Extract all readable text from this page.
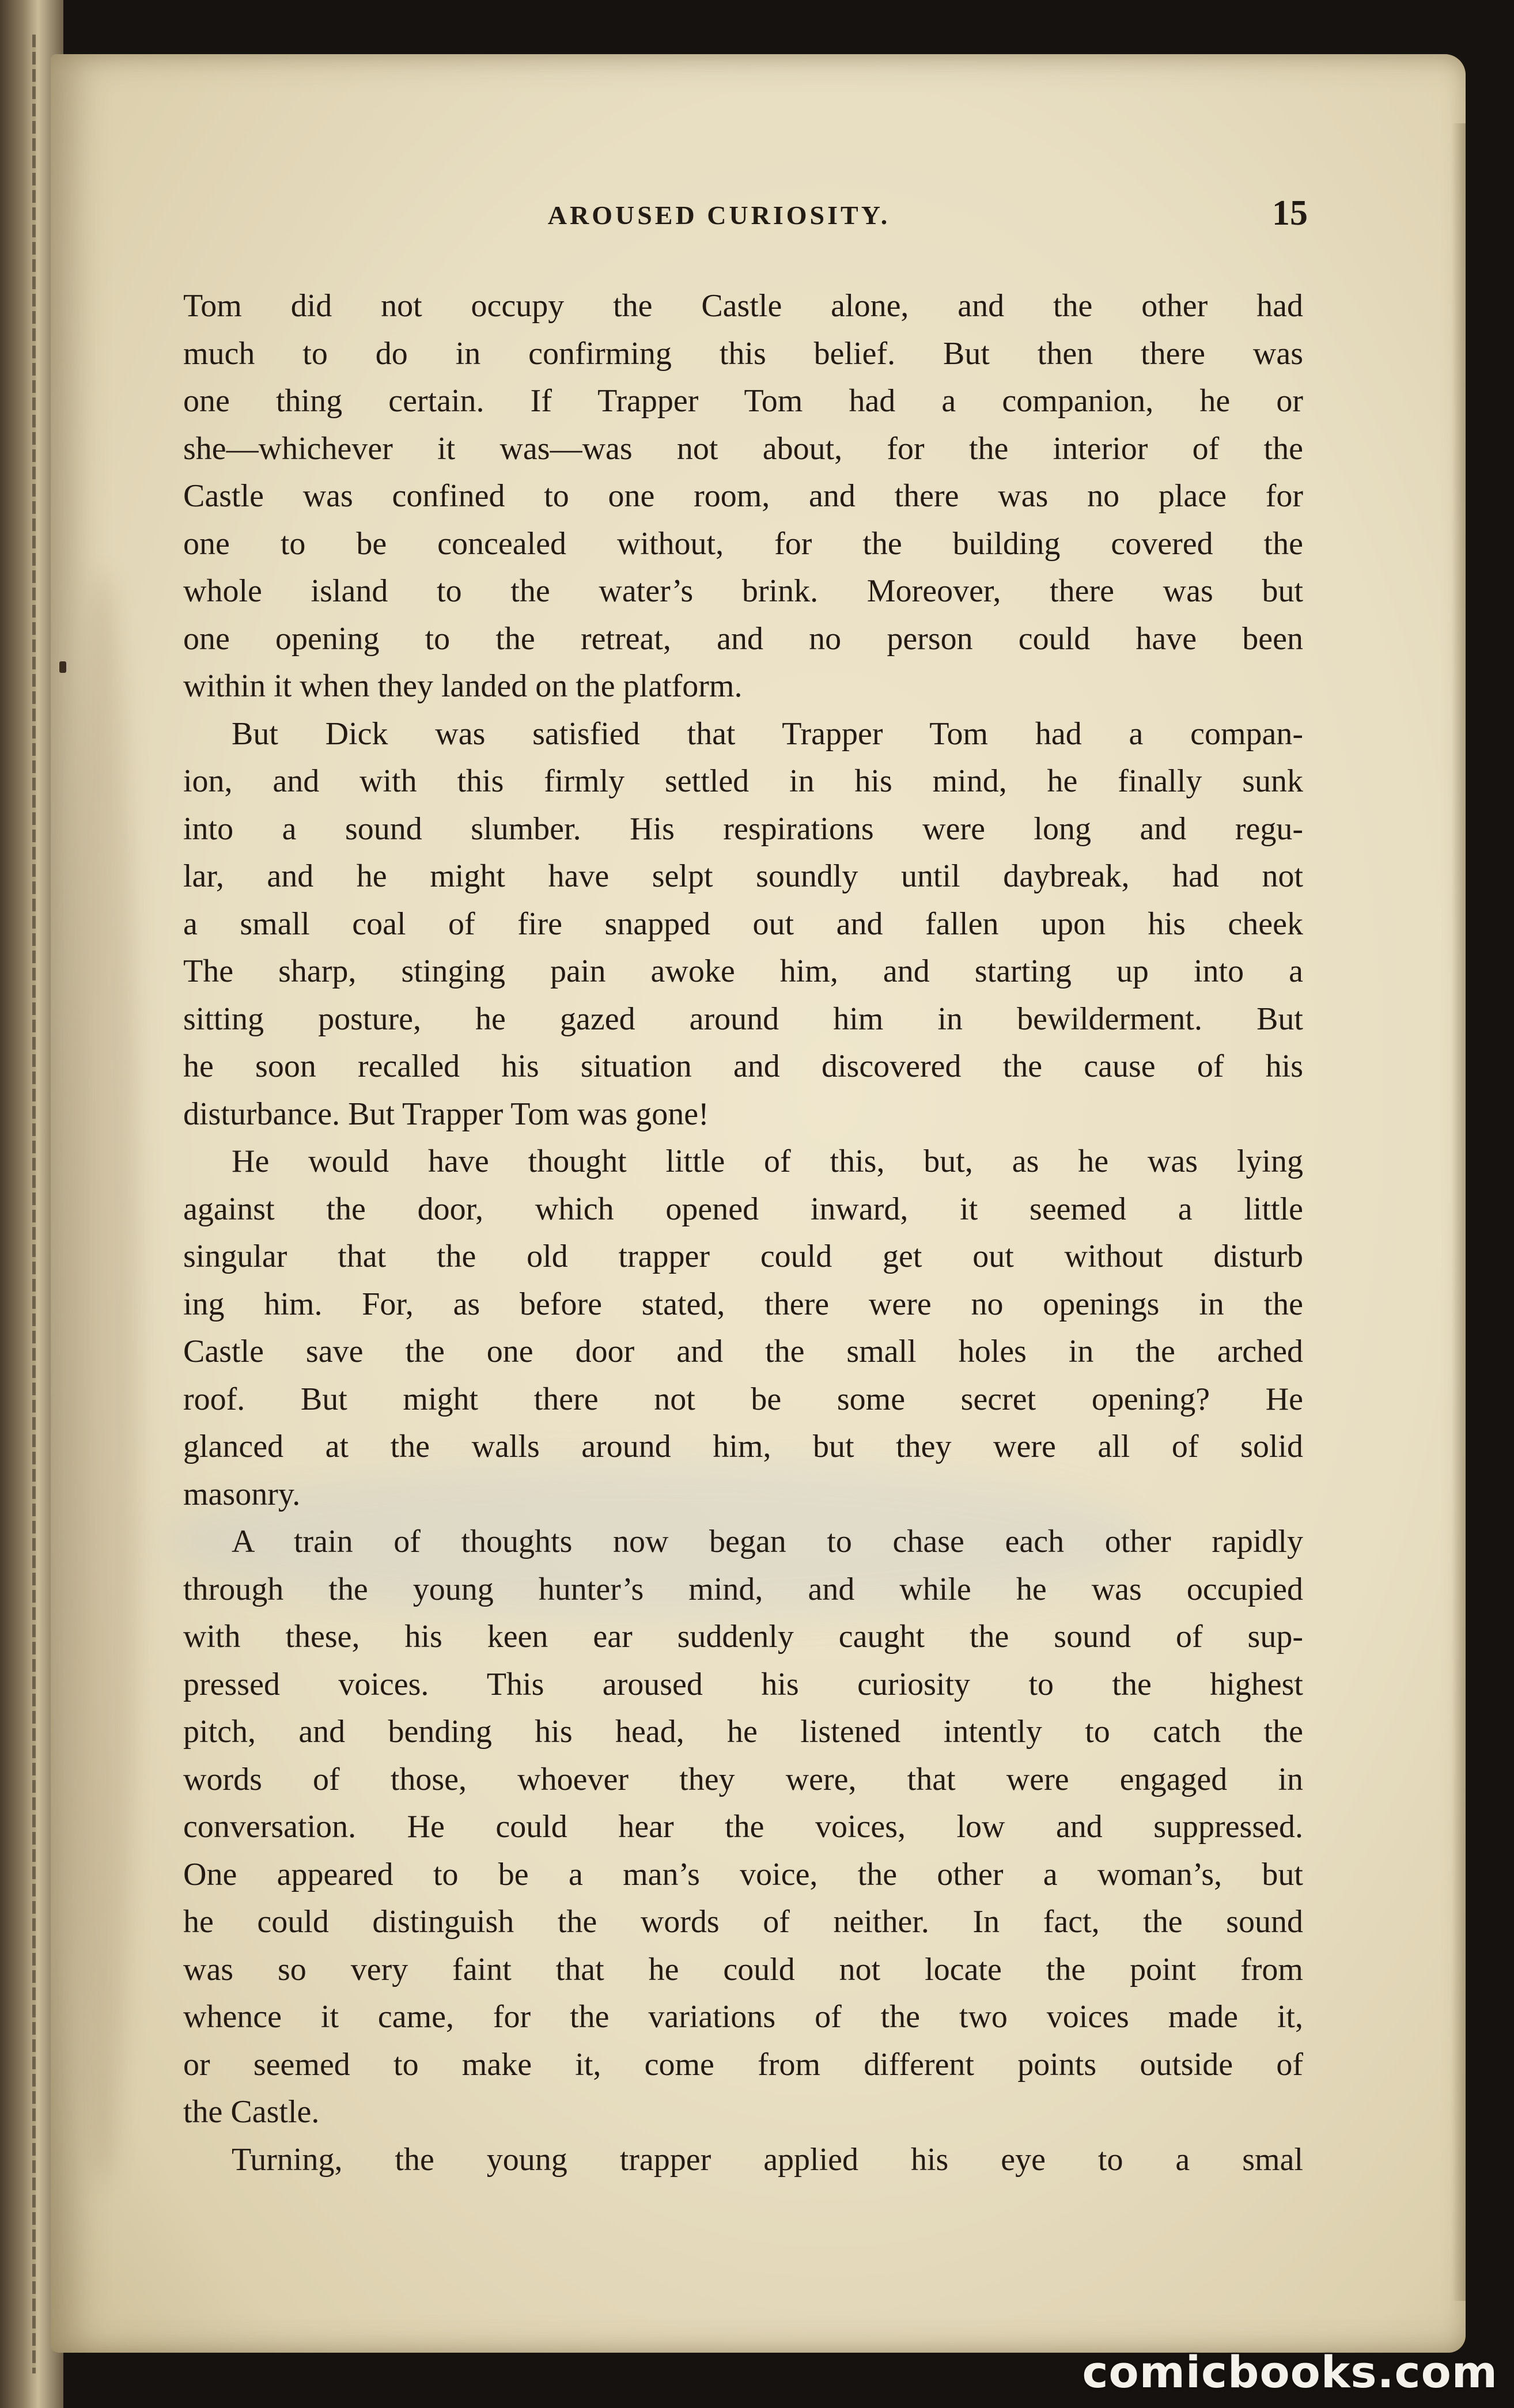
AROUSED CURIOSITY.	15
Tom did not occupy the Castle alone, and the other had
much to do in confirming this belief. But then there was
one thing certain. If Trapper Tom had a companion, he or
she—whichever it was—was not about, for the interior of the
Castle was confined to one room, and there was no place for
one to be concealed without, for the building covered the
whole island to the water’s brink. Moreover, there was but
one opening to the retreat, and no person could have been
within it when they landed on the platform.
But Dick was satisfied that Trapper Tom had a compan-
ion, and with this firmly settled in his mind, he finally sunk
into a sound slumber. His respirations were long and regu-
lar, and he might have selpt soundly until daybreak, had not
a small coal of fire snapped out and fallen upon his cheek
The sharp, stinging pain awoke him, and starting up into a
sitting posture, he gazed around him in bewilderment. But
he soon recalled his situation and discovered the cause of his
disturbance. But Trapper Tom was gone!
He would have thought little of this, but, as he was lying
against the door, which opened inward, it seemed a little
singular that the old trapper could get out without disturb
ing him. For, as before stated, there were no openings in the
Castle save the one door and the small holes in the arched
roof. But might there not be some secret opening? He
glanced at the walls around him, but they were all of solid
masonry.
A train of thoughts now began to chase each other rapidly
through the young hunter’s mind, and while he was occupied
with these, his keen ear suddenly caught the sound of sup-
pressed voices. This aroused his curiosity to the highest
pitch, and bending his head, he listened intently to catch the
words of those, whoever they were, that were engaged in
conversation. He could hear the voices, low and suppressed.
One appeared to be a man’s voice, the other a woman’s, but
he could distinguish the words of neither. In fact, the sound
was so very faint that he could not locate the point from
whence it came, for the variations of the two voices made it,
or seemed to make it, come from different points outside of
the Castle.
Turning, the young trapper applied his eye to a smal
comicbooks.com
